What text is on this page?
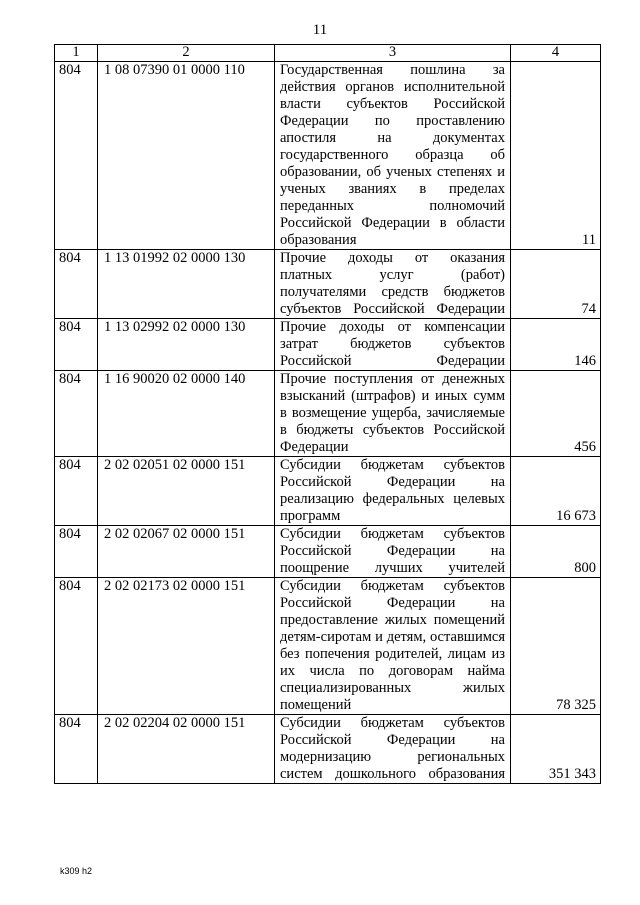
11
1	2	3	4
804	1 08 07390 01 0000 110	Государственная пошлина за действия органов исполнительной власти субъектов Российской Федерации по проставлению апостиля на документах государственного образца об образовании, об ученых степенях и ученых званиях в пределах переданных полномочий Российской Федерации в области образования	11
804	1 13 01992 02 0000 130	Прочие доходы от оказания платных услуг (работ) получателями средств бюджетов субъектов Российской Федерации	74
804	1 13 02992 02 0000 130	Прочие доходы от компенсации затрат бюджетов субъектов Российской Федерации	146
804	1 16 90020 02 0000 140	Прочие поступления от денежных взысканий (штрафов) и иных сумм в возмещение ущерба, зачисляемые в бюджеты субъектов Российской Федерации	456
804	2 02 02051 02 0000 151	Субсидии бюджетам субъектов Российской Федерации на реализацию федеральных целевых программ	16 673
804	2 02 02067 02 0000 151	Субсидии бюджетам субъектов Российской Федерации на поощрение лучших учителей	800
804	2 02 02173 02 0000 151	Субсидии бюджетам субъектов Российской Федерации на предоставление жилых помещений детям-сиротам и детям, оставшимся без попечения родителей, лицам из их числа по договорам найма специализированных жилых помещений	78 325
804	2 02 02204 02 0000 151	Субсидии бюджетам субъектов Российской Федерации на модернизацию региональных систем дошкольного образования	351 343
k309 h2
